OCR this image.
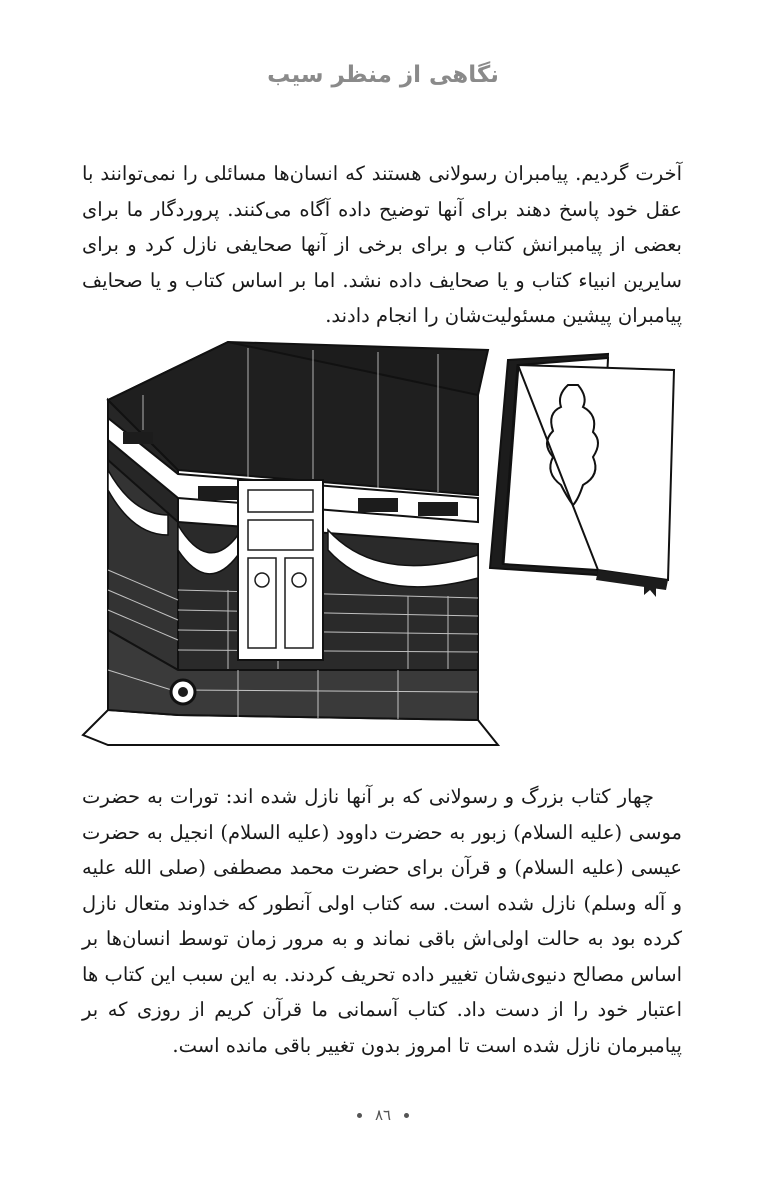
نگاهی از منظر سیب

آخرت گردیم. پیامبران رسولانی هستند که انسان‌ها مسائلی را نمی‌توانند با عقل خود پاسخ دهند برای آنها توضیح داده آگاه می‌کنند. پروردگار ما برای بعضی از پیامبرانش کتاب و برای برخی از آنها صحایفی نازل کرد و برای سایرین انبیاء کتاب و یا صحایف داده نشد. اما بر اساس کتاب و یا صحایف پیامبران پیشین مسئولیت‌شان را انجام دادند.

چهار کتاب بزرگ و رسولانی که بر آنها نازل شده اند: تورات به حضرت موسی (علیه السلام) زبور به حضرت داوود (علیه السلام) انجیل به حضرت عیسی (علیه السلام) و قرآن برای حضرت محمد مصطفی (صلی الله علیه و آله وسلم) نازل شده است. سه کتاب اولی آنطور که خداوند متعال نازل کرده بود به حالت اولی‌اش باقی نماند و به مرور زمان توسط انسان‌ها بر اساس مصالح دنیوی‌شان تغییر داده تحریف کردند. به این سبب این کتاب ها اعتبار خود را از دست داد. کتاب آسمانی ما قرآن کریم از روزی که بر پیامبرمان نازل شده است تا امروز بدون تغییر باقی مانده است.

٨٦
